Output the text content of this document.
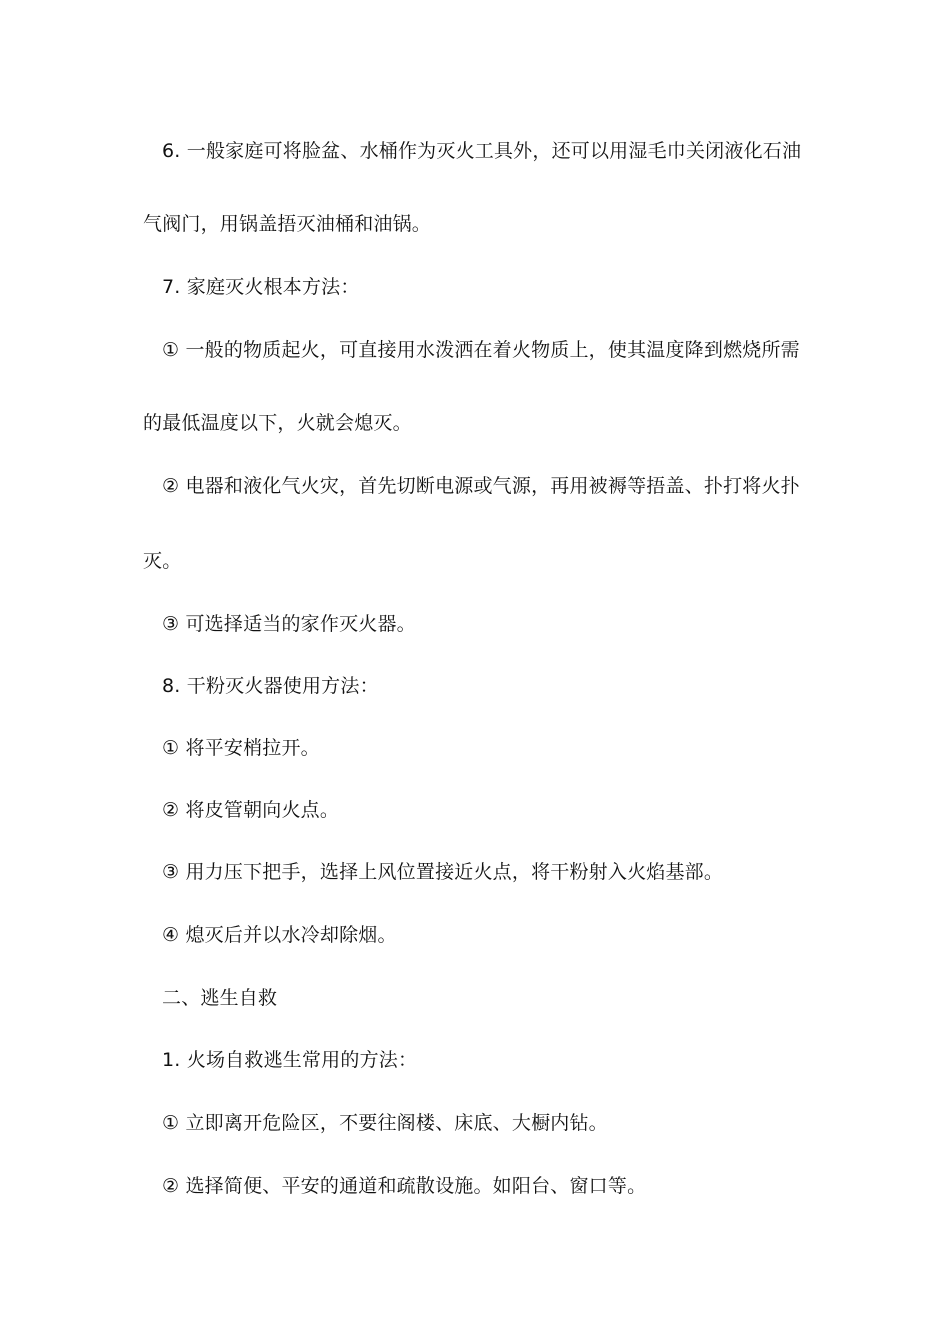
6. 一般家庭可将脸盆、水桶作为灭火工具外，还可以用湿毛巾关闭液化石油
气阀门，用锅盖捂灭油桶和油锅。
7. 家庭灭火根本方法：
① 一般的物质起火，可直接用水泼洒在着火物质上，使其温度降到燃烧所需
的最低温度以下，火就会熄灭。
② 电器和液化气火灾，首先切断电源或气源，再用被褥等捂盖、扑打将火扑
灭。
③ 可选择适当的家作灭火器。
8. 干粉灭火器使用方法：
① 将平安梢拉开。
② 将皮管朝向火点。
③ 用力压下把手，选择上风位置接近火点，将干粉射入火焰基部。
④ 熄灭后并以水冷却除烟。
二、逃生自救
1. 火场自救逃生常用的方法：
① 立即离开危险区，不要往阁楼、床底、大橱内钻。
② 选择简便、平安的通道和疏散设施。如阳台、窗口等。
